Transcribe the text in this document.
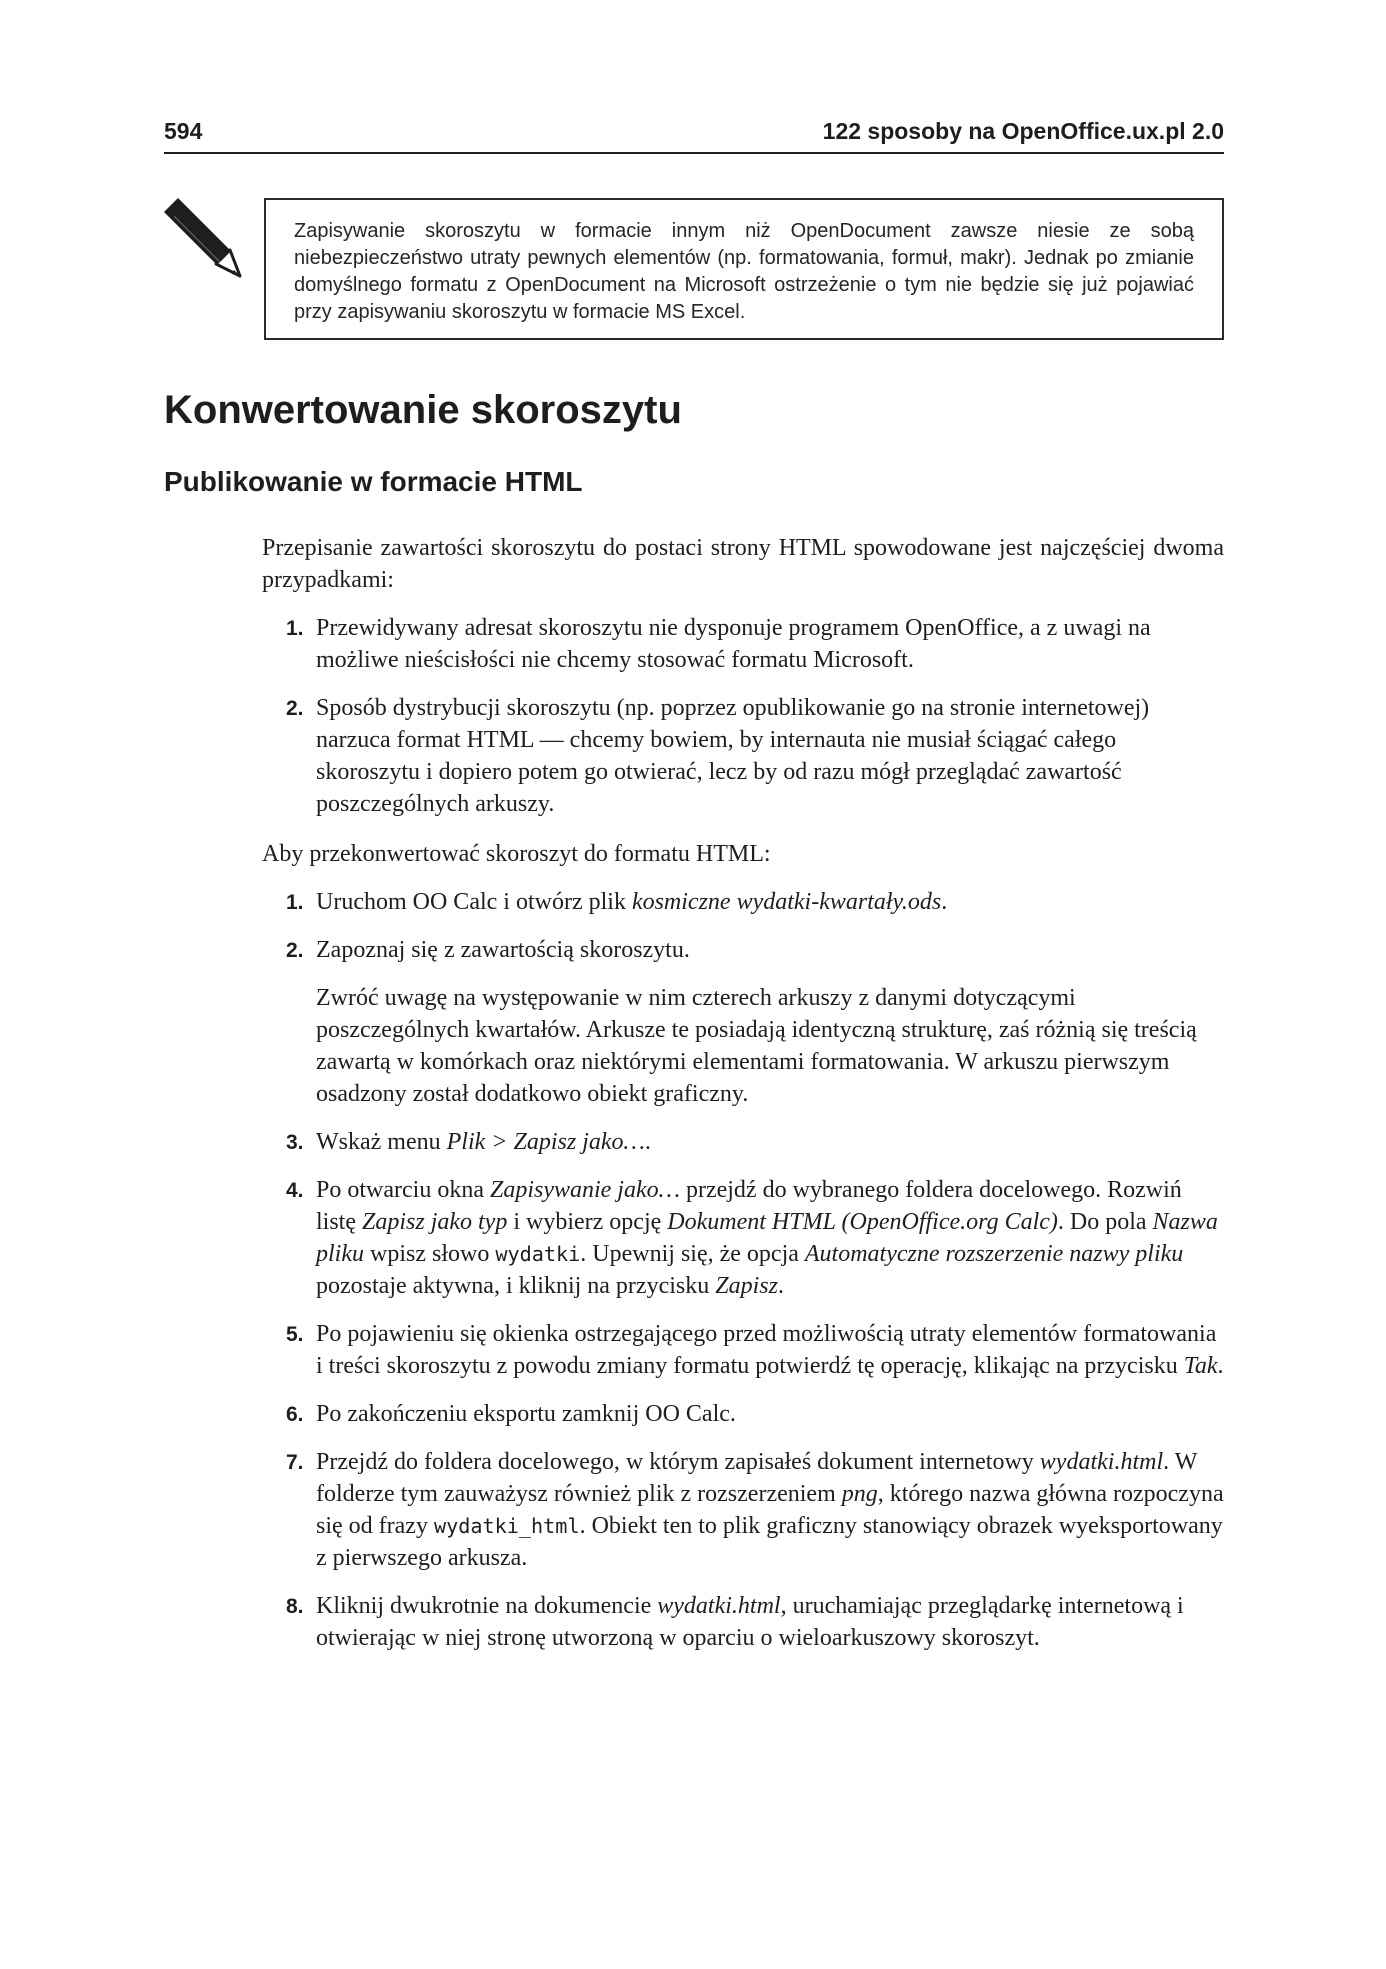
594	122 sposoby na OpenOffice.ux.pl 2.0
Zapisywanie skoroszytu w formacie innym niż OpenDocument zawsze niesie ze sobą niebezpieczeństwo utraty pewnych elementów (np. formatowania, formuł, makr). Jednak po zmianie domyślnego formatu z OpenDocument na Microsoft ostrzeżenie o tym nie będzie się już pojawiać przy zapisywaniu skoroszytu w formacie MS Excel.
Konwertowanie skoroszytu
Publikowanie w formacie HTML

Przepisanie zawartości skoroszytu do postaci strony HTML spowodowane jest najczęściej dwoma przypadkami:

1. Przewidywany adresat skoroszytu nie dysponuje programem OpenOffice, a z uwagi na możliwe nieścisłości nie chcemy stosować formatu Microsoft.
2. Sposób dystrybucji skoroszytu (np. poprzez opublikowanie go na stronie internetowej) narzuca format HTML — chcemy bowiem, by internauta nie musiał ściągać całego skoroszytu i dopiero potem go otwierać, lecz by od razu mógł przeglądać zawartość poszczególnych arkuszy.

Aby przekonwertować skoroszyt do formatu HTML:

1. Uruchom OO Calc i otwórz plik kosmiczne wydatki-kwartały.ods.
2. Zapoznaj się z zawartością skoroszytu.
Zwróć uwagę na występowanie w nim czterech arkuszy z danymi dotyczącymi poszczególnych kwartałów. Arkusze te posiadają identyczną strukturę, zaś różnią się treścią zawartą w komórkach oraz niektórymi elementami formatowania. W arkuszu pierwszym osadzony został dodatkowo obiekt graficzny.
3. Wskaż menu Plik > Zapisz jako….
4. Po otwarciu okna Zapisywanie jako… przejdź do wybranego foldera docelowego. Rozwiń listę Zapisz jako typ i wybierz opcję Dokument HTML (OpenOffice.org Calc). Do pola Nazwa pliku wpisz słowo wydatki. Upewnij się, że opcja Automatyczne rozszerzenie nazwy pliku pozostaje aktywna, i kliknij na przycisku Zapisz.
5. Po pojawieniu się okienka ostrzegającego przed możliwością utraty elementów formatowania i treści skoroszytu z powodu zmiany formatu potwierdź tę operację, klikając na przycisku Tak.
6. Po zakończeniu eksportu zamknij OO Calc.
7. Przejdź do foldera docelowego, w którym zapisałeś dokument internetowy wydatki.html. W folderze tym zauważysz również plik z rozszerzeniem png, którego nazwa główna rozpoczyna się od frazy wydatki_html. Obiekt ten to plik graficzny stanowiący obrazek wyeksportowany z pierwszego arkusza.
8. Kliknij dwukrotnie na dokumencie wydatki.html, uruchamiając przeglądarkę internetową i otwierając w niej stronę utworzoną w oparciu o wieloarkuszowy skoroszyt.
